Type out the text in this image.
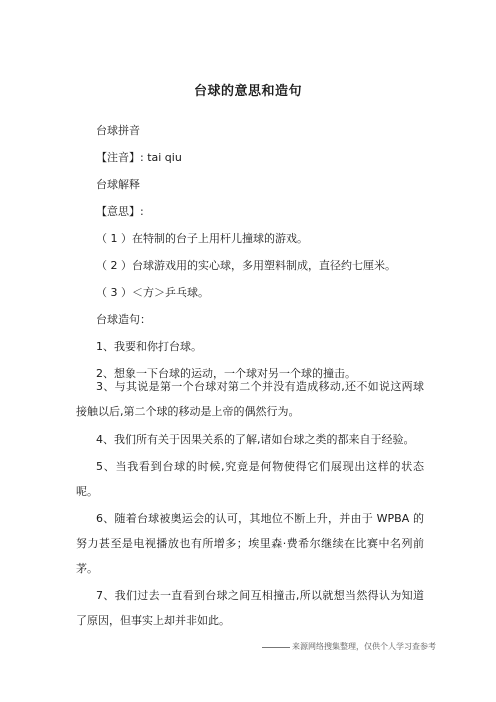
台球的意思和造句
台球拼音
【注音】: tai qiu
台球解释
【意思】:
（ 1 ）在特制的台子上用杆儿撞球的游戏。
（ 2 ）台球游戏用的实心球，多用塑料制成，直径约七厘米。
（ 3 ）＜方＞乒乓球。
台球造句：
1、我要和你打台球。
2、想象一下台球的运动，一个球对另一个球的撞击。
3、与其说是第一个台球对第二个并没有造成移动,还不如说这两球接触以后,第二个球的移动是上帝的偶然行为。
4、我们所有关于因果关系的了解,诸如台球之类的都来自于经验。
5、当我看到台球的时候,究竟是何物使得它们展现出这样的状态呢。
6、随着台球被奥运会的认可，其地位不断上升，并由于 WPBA 的努力甚至是电视播放也有所增多；埃里森·费希尔继续在比赛中名列前茅。
7、我们过去一直看到台球之间互相撞击,所以就想当然得认为知道了原因，但事实上却并非如此。
来源网络搜集整理，仅供个人学习查参考
